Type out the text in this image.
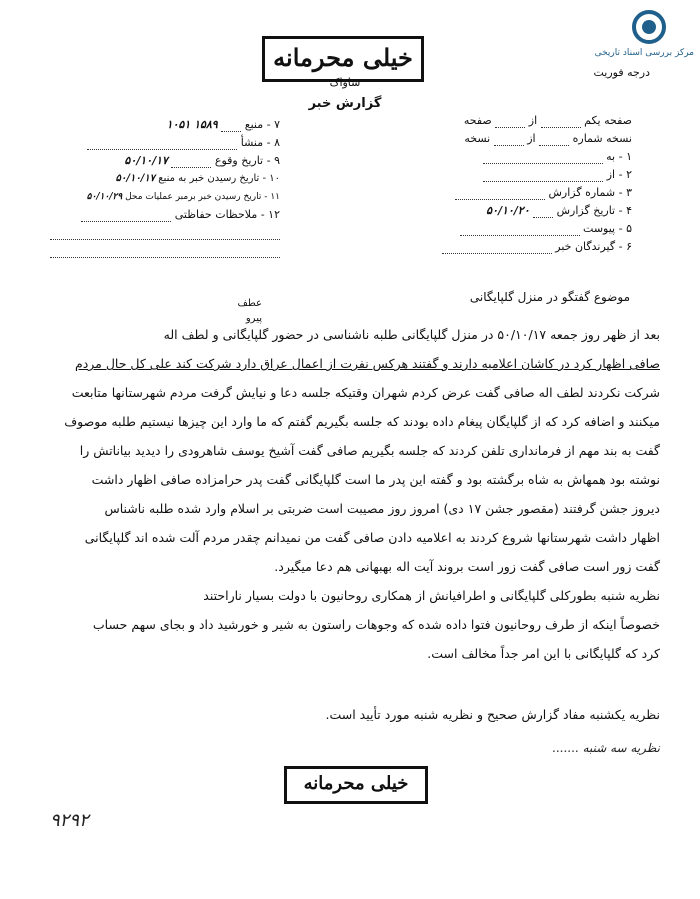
مرکز بررسی اسناد تاریخی
خیلی محرمانه
ساواک
گزارش خبر
درجه فوریت
صفحه یکم  از  صفحه
نسخه شماره  از  نسخه
۱ - به
۲ - از
۳ - شماره گزارش
۴ - تاریخ گزارش  ۵۰/۱۰/۲۰
۵ - پیوست
۶ - گیرندگان خبر
۷ - منبع  ۱۵۸۹ ۱۰۵۱
۸ - منشأ
۹ - تاریخ وقوع  ۵۰/۱۰/۱۷
۱۰ - تاریخ رسیدن خبر به منبع ۵۰/۱۰/۱۷
۱۱ - تاریخ رسیدن خبر برمبر عملیات محل ۵۰/۱۰/۲۹
۱۲ - ملاحظات حفاظتی
عطف
پیرو
موضوع گفتگو در منزل گلپایگانی

بعد از ظهر روز جمعه ۵۰/۱۰/۱۷ در منزل گلپایگانی طلبه ناشناسی در حضور گلپایگانی و لطف اله

صافی اظهار کرد در کاشان اعلامیه دارند و گفتند هرکس نفرت از اعمال عراق دارد شرکت کند علی کل حال مردم

شرکت نکردند لطف اله صافی گفت عرض کردم شهران وقتیکه جلسه دعا و نیایش گرفت مردم شهرستانها متابعت

میکنند و اضافه کرد که از گلپایگان پیغام داده بودند که جلسه بگیریم گفتم که ما وارد این چیزها نیستیم طلبه موصوف

گفت به بند مهم از فرمانداری تلفن کردند که جلسه بگیریم صافی گفت آشیخ یوسف شاهرودی را دیدید بیاناتش را

نوشته بود همهاش به شاه برگشته بود و گفته این پدر ما است گلپایگانی گفت پدر حرامزاده صافی اظهار داشت

دیروز جشن گرفتند (مقصور جشن ۱۷ دی) امروز روز مصیبت است ضربتی بر اسلام وارد شده طلبه ناشناس

اظهار داشت شهرستانها شروع کردند به اعلامیه دادن صافی گفت من نمیدانم چقدر مردم آلت شده اند گلپایگانی

گفت زور است صافی گفت زور است بروند آیت اله بهبهانی هم دعا میگیرد.

نظریه شنبه بطورکلی گلپایگانی و اطرافیانش از همکاری روحانیون با دولت بسیار ناراحتند

خصوصاً اینکه از طرف روحانیون فتوا داده شده که وجوهات راستون به شیر و خورشید داد و بجای سهم حساب

کرد که گلپایگانی با این امر جداً مخالف است.

نظریه یکشنبه مفاد گزارش صحیح و نظریه شنبه مورد تأیید است.
نظریه سه شنبه .......
خیلی محرمانه
۹۲۹۲
